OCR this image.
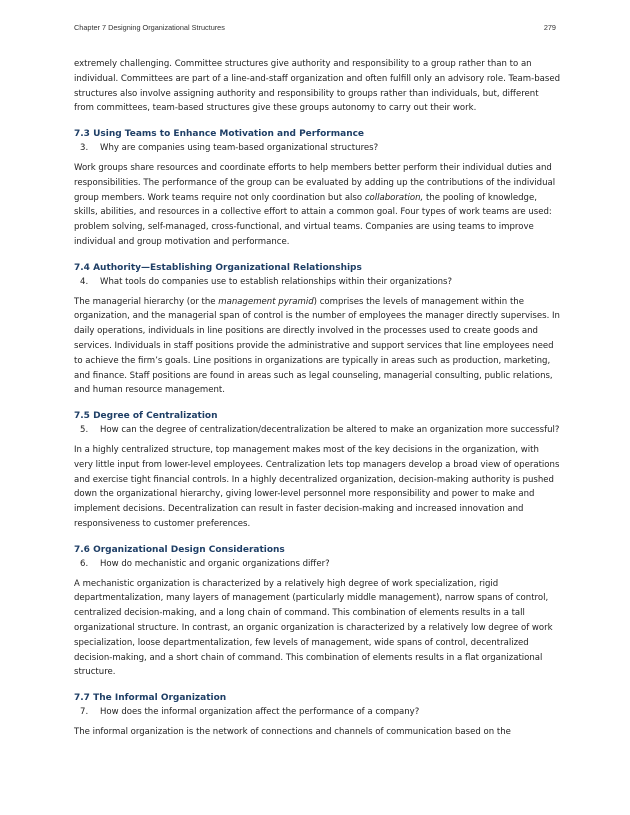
Chapter 7 Designing Organizational Structures	279

extremely challenging. Committee structures give authority and responsibility to a group rather than to an individual. Committees are part of a line-and-staff organization and often fulfill only an advisory role. Team-based structures also involve assigning authority and responsibility to groups rather than individuals, but, different from committees, team-based structures give these groups autonomy to carry out their work.

7.3 Using Teams to Enhance Motivation and Performance
3.	Why are companies using team-based organizational structures?

Work groups share resources and coordinate efforts to help members better perform their individual duties and responsibilities. The performance of the group can be evaluated by adding up the contributions of the individual group members. Work teams require not only coordination but also collaboration, the pooling of knowledge, skills, abilities, and resources in a collective effort to attain a common goal. Four types of work teams are used: problem solving, self-managed, cross-functional, and virtual teams. Companies are using teams to improve individual and group motivation and performance.

7.4 Authority—Establishing Organizational Relationships
4.	What tools do companies use to establish relationships within their organizations?

The managerial hierarchy (or the management pyramid) comprises the levels of management within the organization, and the managerial span of control is the number of employees the manager directly supervises. In daily operations, individuals in line positions are directly involved in the processes used to create goods and services. Individuals in staff positions provide the administrative and support services that line employees need to achieve the firm’s goals. Line positions in organizations are typically in areas such as production, marketing, and finance. Staff positions are found in areas such as legal counseling, managerial consulting, public relations, and human resource management.

7.5 Degree of Centralization
5.	How can the degree of centralization/decentralization be altered to make an organization more successful?

In a highly centralized structure, top management makes most of the key decisions in the organization, with very little input from lower-level employees. Centralization lets top managers develop a broad view of operations and exercise tight financial controls. In a highly decentralized organization, decision-making authority is pushed down the organizational hierarchy, giving lower-level personnel more responsibility and power to make and implement decisions. Decentralization can result in faster decision-making and increased innovation and responsiveness to customer preferences.

7.6 Organizational Design Considerations
6.	How do mechanistic and organic organizations differ?

A mechanistic organization is characterized by a relatively high degree of work specialization, rigid departmentalization, many layers of management (particularly middle management), narrow spans of control, centralized decision-making, and a long chain of command. This combination of elements results in a tall organizational structure. In contrast, an organic organization is characterized by a relatively low degree of work specialization, loose departmentalization, few levels of management, wide spans of control, decentralized decision-making, and a short chain of command. This combination of elements results in a flat organizational structure.

7.7 The Informal Organization
7.	How does the informal organization affect the performance of a company?

The informal organization is the network of connections and channels of communication based on the
